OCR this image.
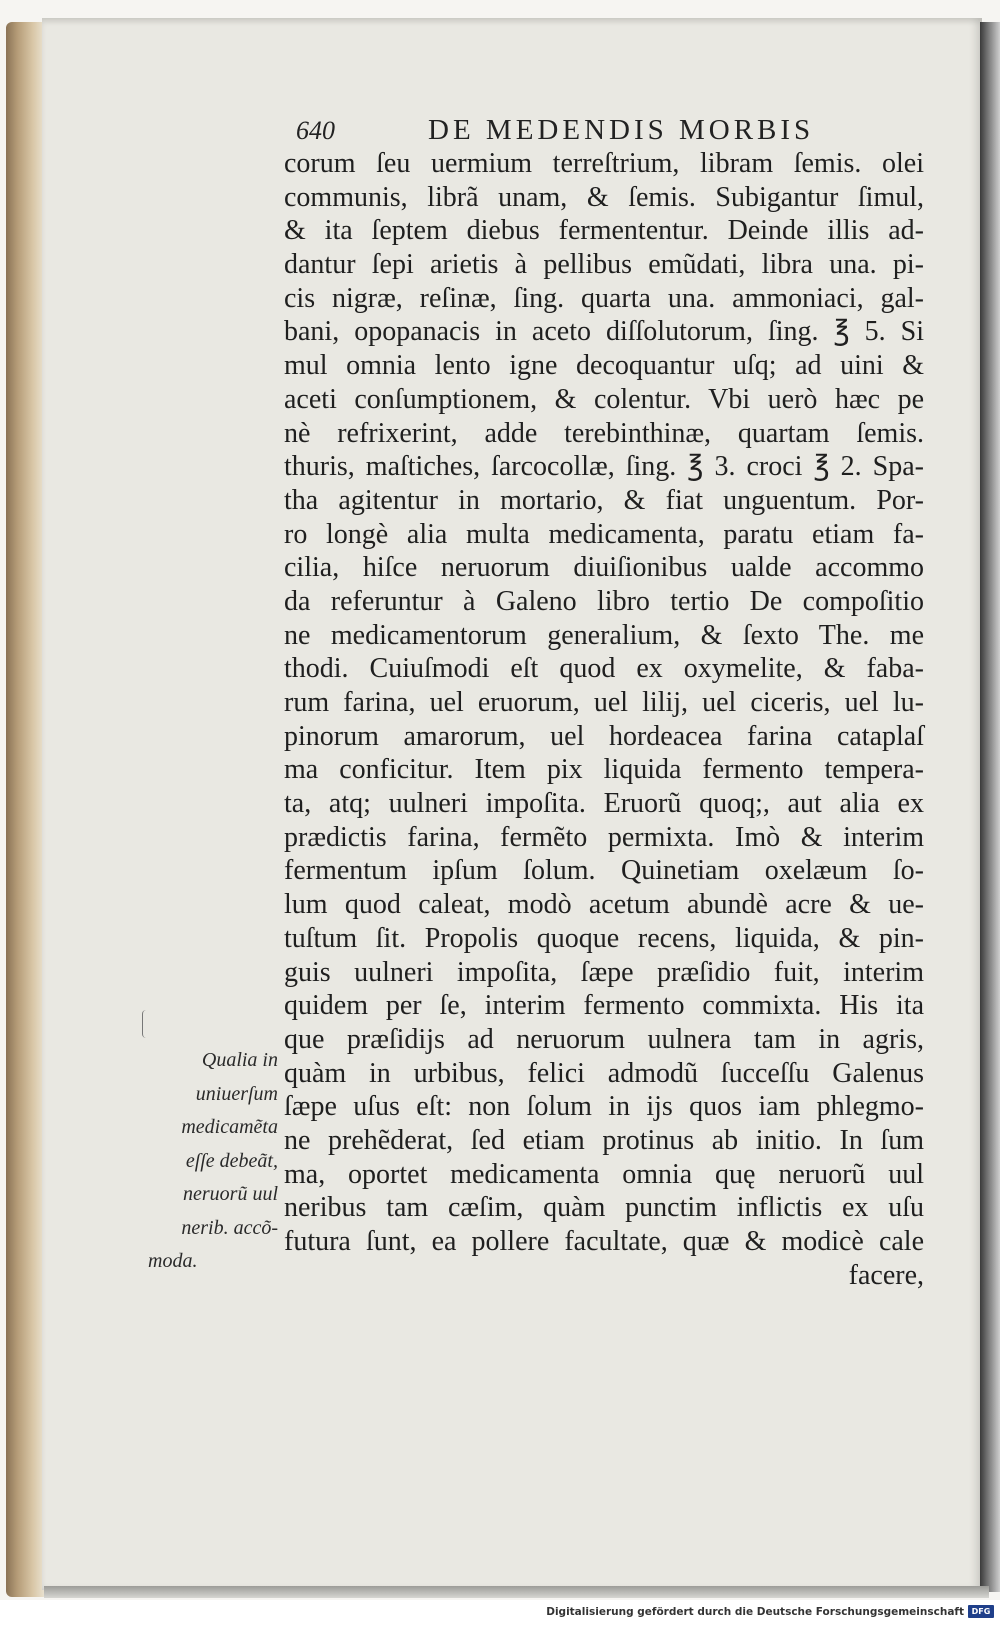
640	DE MEDENDIS MORBIS
corum ſeu uermium terreſtrium, libram ſemis. olei
communis, librã unam, & ſemis. Subigantur ſimul,
& ita ſeptem diebus fermententur. Deinde illis ad-
dantur ſepi arietis à pellibus emũdati, libra una. pi-
cis nigræ, reſinæ, ſing. quarta una. ammoniaci, gal-
bani, opopanacis in aceto diſſolutorum, ſing. ℥ 5. Si
mul omnia lento igne decoquantur uſq; ad uini &
aceti conſumptionem, & colentur. Vbi uerò hæc pe
nè refrixerint, adde terebinthinæ, quartam ſemis.
thuris, maſtiches, ſarcocollæ, ſing. ℥ 3. croci ℥ 2. Spa-
tha agitentur in mortario, & fiat unguentum. Por-
ro longè alia multa medicamenta, paratu etiam fa-
cilia, hiſce neruorum diuiſionibus ualde accommo
da referuntur à Galeno libro tertio De compoſitio
ne medicamentorum generalium, & ſexto The. me
thodi. Cuiuſmodi eſt quod ex oxymelite, & faba-
rum farina, uel eruorum, uel lilij, uel ciceris, uel lu-
pinorum amarorum, uel hordeacea farina cataplaſ
ma conficitur. Item pix liquida fermento tempera-
ta, atq; uulneri impoſita. Eruorũ quoq;, aut alia ex
prædictis farina, fermẽto permixta. Imò & interim
fermentum ipſum ſolum. Quinetiam oxelæum ſo-
lum quod caleat, modò acetum abundè acre & ue-
tuſtum ſit. Propolis quoque recens, liquida, & pin-
guis uulneri impoſita, ſæpe præſidio fuit, interim
quidem per ſe, interim fermento commixta. His ita
que præſidijs ad neruorum uulnera tam in agris,
quàm in urbibus, felici admodũ ſucceſſu Galenus
ſæpe uſus eſt: non ſolum in ijs quos iam phlegmo-
ne prehẽderat, ſed etiam protinus ab initio. In ſum
ma, oportet medicamenta omnia quę neruorũ uul
neribus tam cæſim, quàm punctim inflictis ex uſu
futura ſunt, ea pollere facultate, quæ & modicè cale
facere,
Qualia in
uniuerſum
medicamẽta
eſſe debeãt,
neruorũ uul
nerib. accõ-
moda.
Digitalisierung gefördert durch die Deutsche Forschungsgemeinschaft DFG
